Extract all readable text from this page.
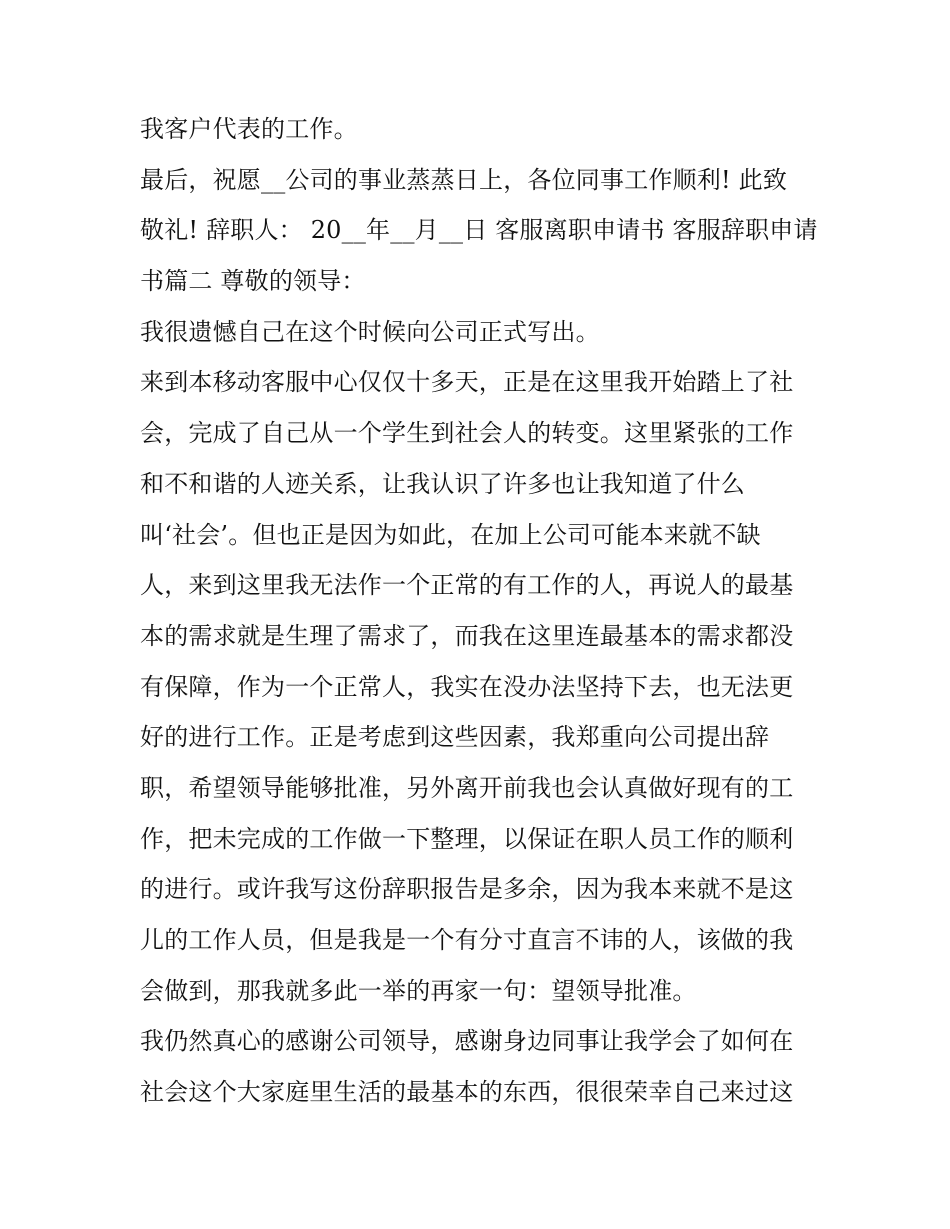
我客户代表的工作。
最后，祝愿__公司的事业蒸蒸日上，各位同事工作顺利! 此致
敬礼! 辞职人： 20__年__月__日 客服离职申请书 客服辞职申请
书篇二 尊敬的领导：
我很遗憾自己在这个时候向公司正式写出。
来到本移动客服中心仅仅十多天，正是在这里我开始踏上了社
会，完成了自己从一个学生到社会人的转变。这里紧张的工作
和不和谐的人迹关系，让我认识了许多也让我知道了什么
叫‘社会’。但也正是因为如此，在加上公司可能本来就不缺
人，来到这里我无法作一个正常的有工作的人，再说人的最基
本的需求就是生理了需求了，而我在这里连最基本的需求都没
有保障，作为一个正常人，我实在没办法坚持下去，也无法更
好的进行工作。正是考虑到这些因素，我郑重向公司提出辞
职，希望领导能够批准，另外离开前我也会认真做好现有的工
作，把未完成的工作做一下整理，以保证在职人员工作的顺利
的进行。或许我写这份辞职报告是多余，因为我本来就不是这
儿的工作人员，但是我是一个有分寸直言不讳的人，该做的我
会做到，那我就多此一举的再家一句：望领导批准。
我仍然真心的感谢公司领导，感谢身边同事让我学会了如何在
社会这个大家庭里生活的最基本的东西，很很荣幸自己来过这
